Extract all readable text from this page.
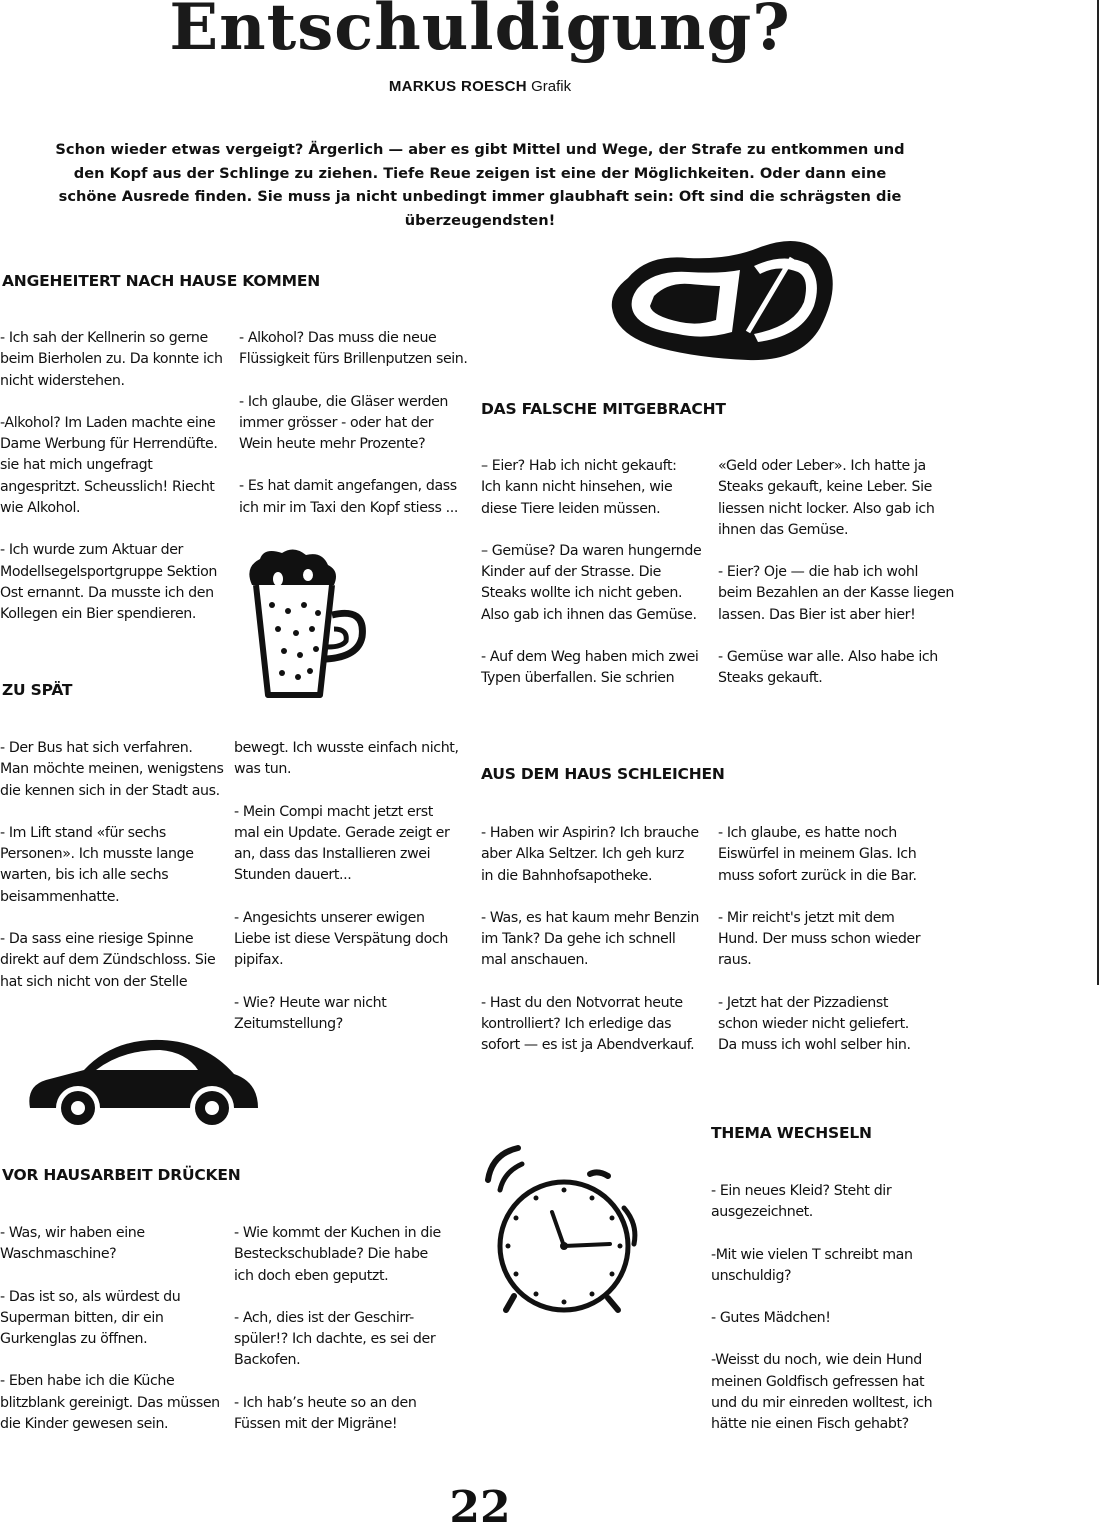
Entschuldigung?
MARKUS ROESCH Grafik
Schon wieder etwas vergeigt? Ärgerlich — aber es gibt Mittel und Wege, der Strafe zu entkommen und
den Kopf aus der Schlinge zu ziehen. Tiefe Reue zeigen ist eine der Möglichkeiten. Oder dann eine
schöne Ausrede finden. Sie muss ja nicht unbedingt immer glaubhaft sein: Oft sind die schrägsten die überzeugendsten!
ANGEHEITERT NACH HAUSE KOMMEN

- Ich sah der Kellnerin so gerne
beim Bierholen zu. Da konnte ich
nicht widerstehen.

-Alkohol? Im Laden machte eine
Dame Werbung für Herrendüfte.
sie hat mich ungefragt
angespritzt. Scheusslich! Riecht
wie Alkohol.

- Ich wurde zum Aktuar der
Modellsegelsportgruppe Sektion
Ost ernannt. Da musste ich den
Kollegen ein Bier spendieren.

- Alkohol? Das muss die neue
Flüssigkeit fürs Brillenputzen sein.

- Ich glaube, die Gläser werden
immer grösser - oder hat der
Wein heute mehr Prozente?

- Es hat damit angefangen, dass
ich mir im Taxi den Kopf stiess ...

ZU SPÄT

- Der Bus hat sich verfahren.
Man möchte meinen, wenigstens
die kennen sich in der Stadt aus.

- Im Lift stand «für sechs
Personen». Ich musste lange
warten, bis ich alle sechs
beisammenhatte.

- Da sass eine riesige Spinne
direkt auf dem Zündschloss. Sie
hat sich nicht von der Stelle

bewegt. Ich wusste einfach nicht,
was tun.

- Mein Compi macht jetzt erst
mal ein Update. Gerade zeigt er
an, dass das Installieren zwei
Stunden dauert...

- Angesichts unserer ewigen
Liebe ist diese Verspätung doch
pipifax.

- Wie? Heute war nicht
Zeitumstellung?

VOR HAUSARBEIT DRÜCKEN

- Was, wir haben eine
Waschmaschine?

- Das ist so, als würdest du
Superman bitten, dir ein
Gurkenglas zu öffnen.

- Eben habe ich die Küche
blitzblank gereinigt. Das müssen
die Kinder gewesen sein.

- Wie kommt der Kuchen in die
Besteckschublade? Die habe
ich doch eben geputzt.

- Ach, dies ist der Geschirr-
spüler!? Ich dachte, es sei der
Backofen.

- Ich hab’s heute so an den
Füssen mit der Migräne!

DAS FALSCHE MITGEBRACHT

– Eier? Hab ich nicht gekauft:
Ich kann nicht hinsehen, wie
diese Tiere leiden müssen.

– Gemüse? Da waren hungernde
Kinder auf der Strasse. Die
Steaks wollte ich nicht geben.
Also gab ich ihnen das Gemüse.

- Auf dem Weg haben mich zwei
Typen überfallen. Sie schrien

«Geld oder Leber». Ich hatte ja
Steaks gekauft, keine Leber. Sie
liessen nicht locker. Also gab ich
ihnen das Gemüse.

- Eier? Oje — die hab ich wohl
beim Bezahlen an der Kasse liegen
lassen. Das Bier ist aber hier!

- Gemüse war alle. Also habe ich
Steaks gekauft.

AUS DEM HAUS SCHLEICHEN

- Haben wir Aspirin? Ich brauche
aber Alka Seltzer. Ich geh kurz
in die Bahnhofsapotheke.

- Was, es hat kaum mehr Benzin
im Tank? Da gehe ich schnell
mal anschauen.

- Hast du den Notvorrat heute
kontrolliert? Ich erledige das
sofort — es ist ja Abendverkauf.

- Ich glaube, es hatte noch
Eiswürfel in meinem Glas. Ich
muss sofort zurück in die Bar.

- Mir reicht's jetzt mit dem
Hund. Der muss schon wieder
raus.

- Jetzt hat der Pizzadienst
schon wieder nicht geliefert.
Da muss ich wohl selber hin.

THEMA WECHSELN

- Ein neues Kleid? Steht dir
ausgezeichnet.

-Mit wie vielen T schreibt man
unschuldig?

- Gutes Mädchen!

-Weisst du noch, wie dein Hund
meinen Goldfisch gefressen hat
und du mir einreden wolltest, ich
hätte nie einen Fisch gehabt?

22
